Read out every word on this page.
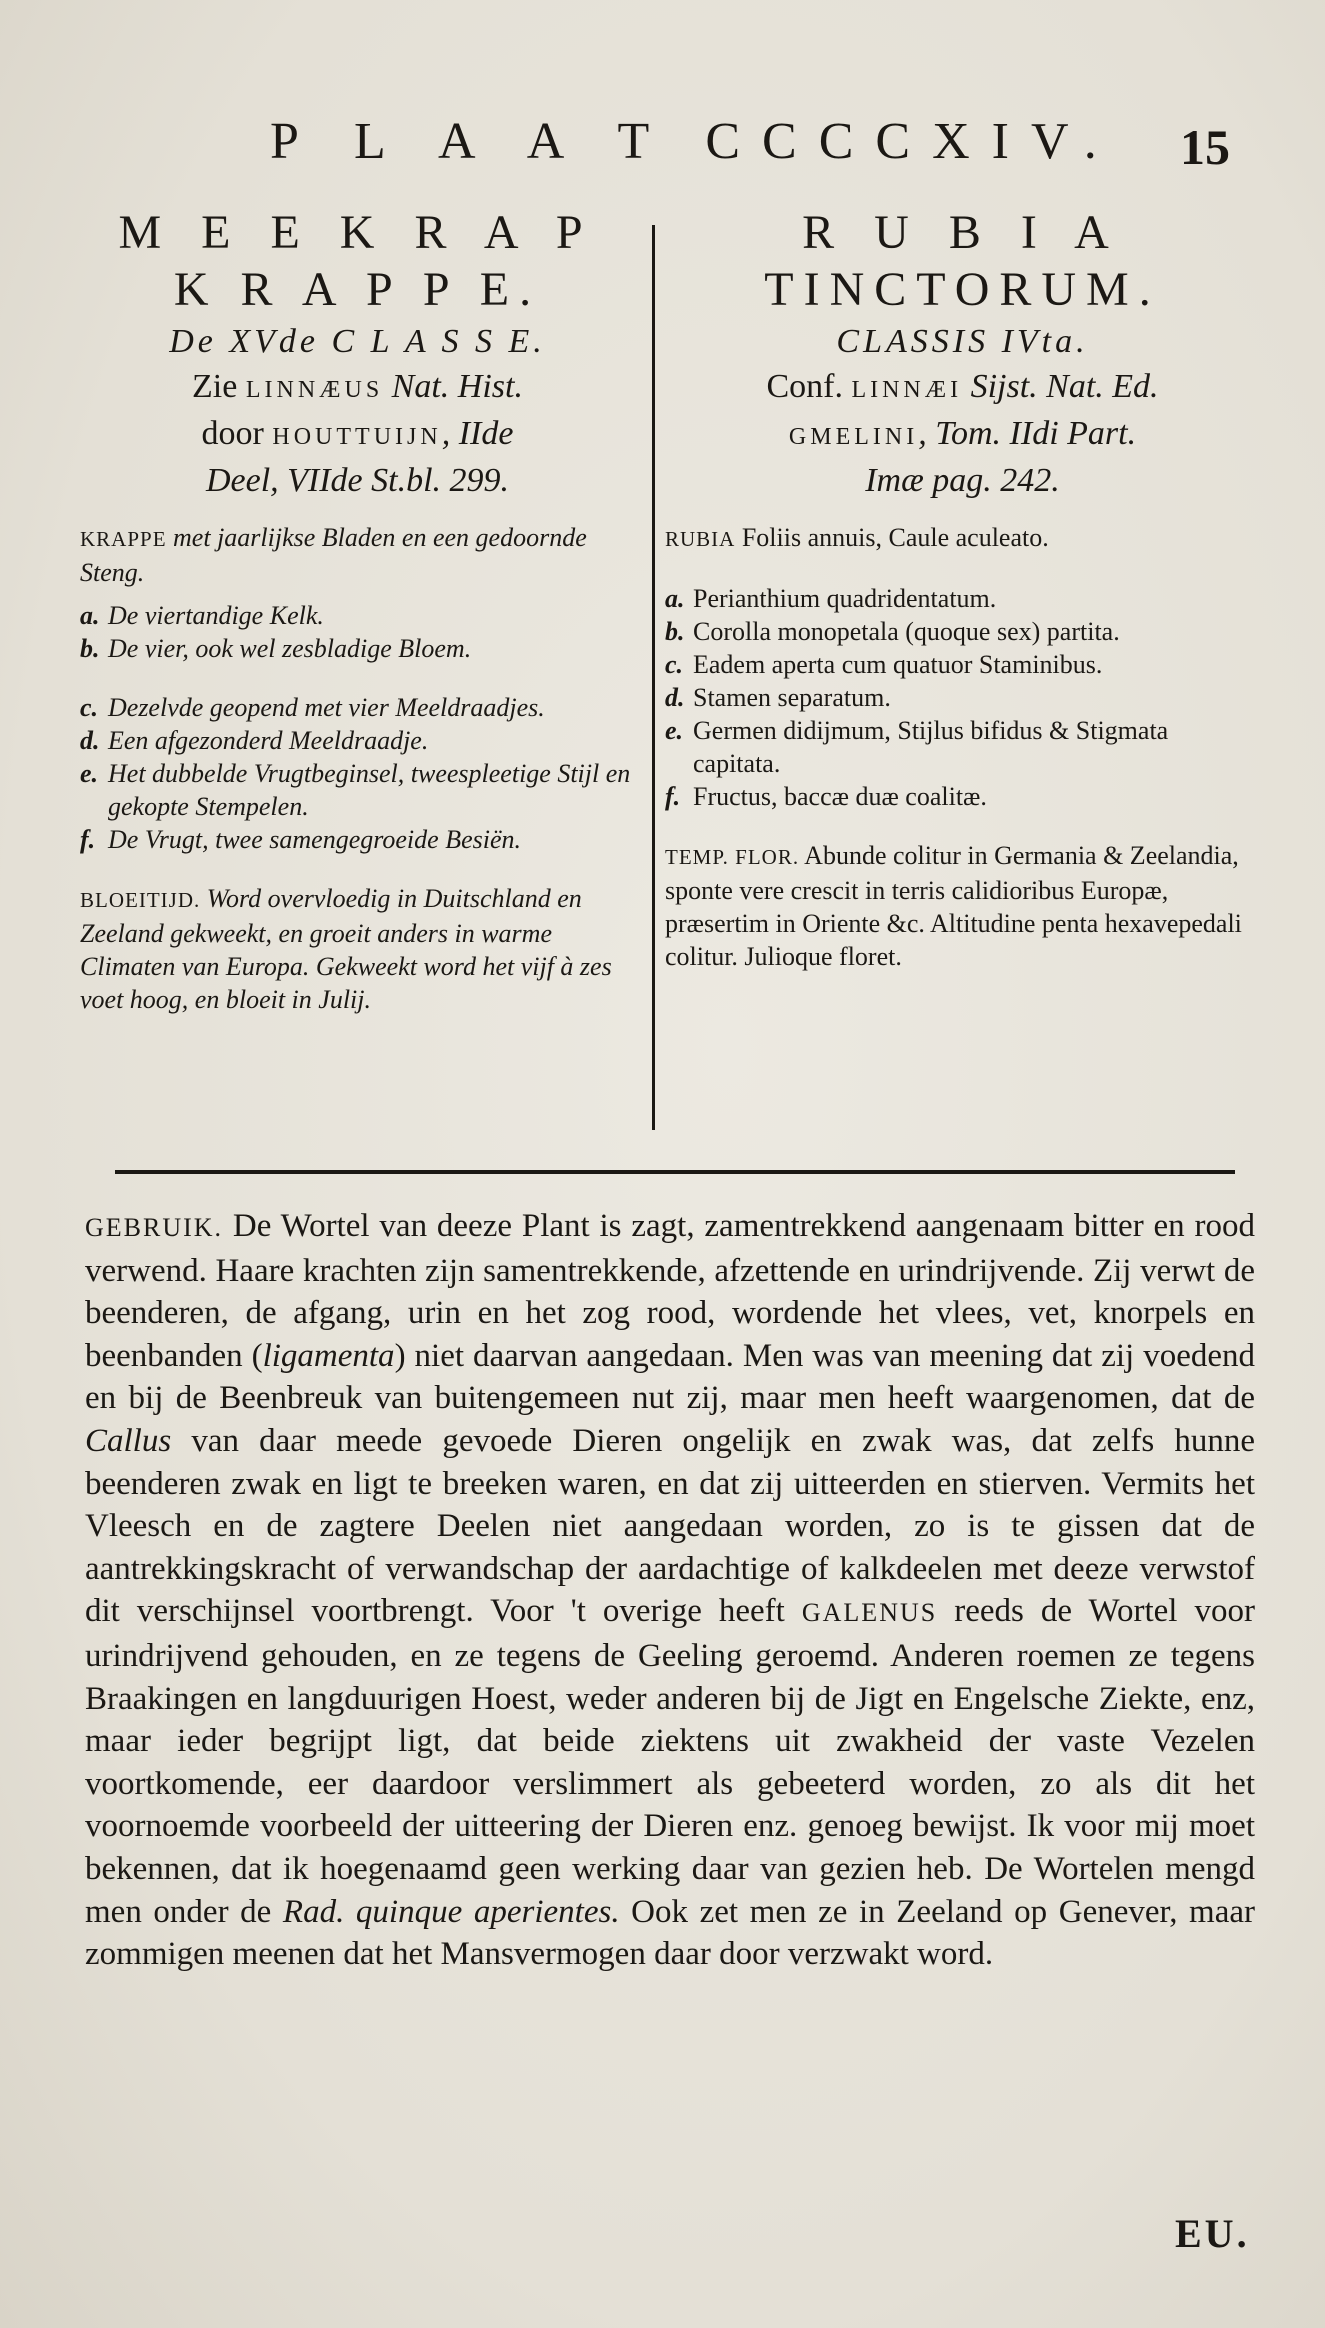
P L A A T CCCCXIV. 15
M E E K R A P
K R A P P E.
De XVde C L A S S E.
Zie LINNÆUS Nat. Hist.
door HOUTTUIJN, IIde
Deel, VIIde St.bl. 299.
KRAPPE met jaarlijkse Bladen en een gedoornde Steng.
a. De viertandige Kelk.
b. De vier, ook wel zesbladige Bloem.
c. Dezelvde geopend met vier Meeldraadjes.
d. Een afgezonderd Meeldraadje.
e. Het dubbelde Vrugtbeginsel, tweespleetige Stijl en gekopte Stempelen.
f. De Vrugt, twee samengegroeide Besiën.
BLOEITIJD. Word overvloedig in Duitschland en Zeeland gekweekt, en groeit anders in warme Climaten van Europa. Gekweekt word het vijf à zes voet hoog, en bloeit in Julij.
R U B I A
TINCTORUM.
CLASSIS IVta.
Conf. LINNÆI Sijst. Nat. Ed.
GMELINI, Tom. IIdi Part.
Imæ pag. 242.
RUBIA Foliis annuis, Caule aculeato.
a. Perianthium quadridentatum.
b. Corolla monopetala (quoque sex) partita.
c. Eadem aperta cum quatuor Staminibus.
d. Stamen separatum.
e. Germen didijmum, Stijlus bifidus & Stigmata capitata.
f. Fructus, baccæ duæ coalitæ.
TEMP. FLOR. Abunde colitur in Germania & Zeelandia, sponte vere crescit in terris calidioribus Europæ, præsertim in Oriente &c. Altitudine penta hexavepedali colitur. Julioque floret.
GEBRUIK. De Wortel van deeze Plant is zagt, zamentrekkend aangenaam bitter en rood verwend. Haare krachten zijn samentrekkende, afzettende en urindrijvende. Zij verwt de beenderen, de afgang, urin en het zog rood, wordende het vlees, vet, knorpels en beenbanden (ligamenta) niet daarvan aangedaan. Men was van meening dat zij voedend en bij de Beenbreuk van buitengemeen nut zij, maar men heeft waargenomen, dat de Callus van daar meede gevoede Dieren ongelijk en zwak was, dat zelfs hunne beenderen zwak en ligt te breeken waren, en dat zij uitteerden en stierven. Vermits het Vleesch en de zagtere Deelen niet aangedaan worden, zo is te gissen dat de aantrekkingskracht of verwandschap der aardachtige of kalkdeelen met deeze verwstof dit verschijnsel voortbrengt. Voor 't overige heeft GALENUS reeds de Wortel voor urindrijvend gehouden, en ze tegens de Geeling geroemd. Anderen roemen ze tegens Braakingen en langduurigen Hoest, weder anderen bij de Jigt en Engelsche Ziekte, enz, maar ieder begrijpt ligt, dat beide ziektens uit zwakheid der vaste Vezelen voortkomende, eer daardoor verslimmert als gebeeterd worden, zo als dit het voornoemde voorbeeld der uitteering der Dieren enz. genoeg bewijst. Ik voor mij moet bekennen, dat ik hoegenaamd geen werking daar van gezien heb. De Wortelen mengd men onder de Rad. quinque aperientes. Ook zet men ze in Zeeland op Genever, maar zommigen meenen dat het Mansvermogen daar door verzwakt word.
EU.
